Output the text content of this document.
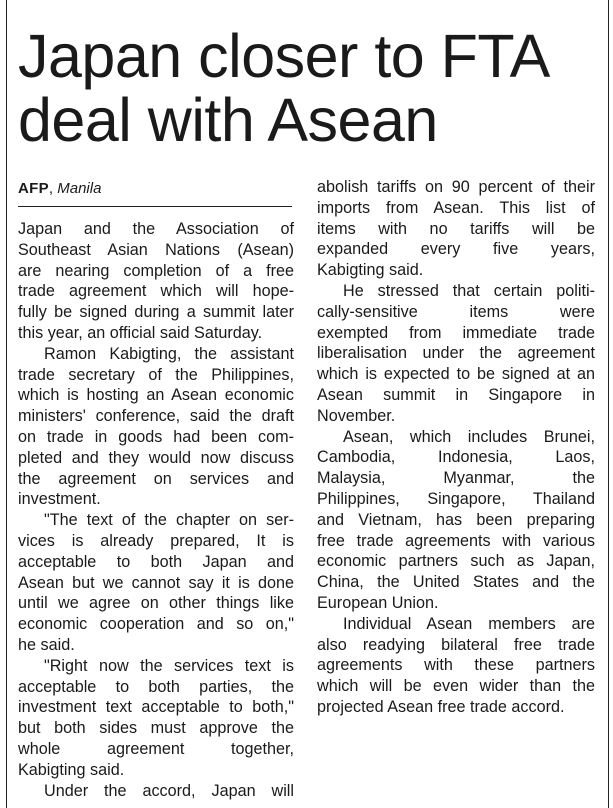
Japan closer to FTA
deal with Asean
AFP, Manila
Japan and the Association of
Southeast Asian Nations (Asean)
are nearing completion of a free
trade agreement which will hope-
fully be signed during a summit later
this year, an official said Saturday.
Ramon Kabigting, the assistant
trade secretary of the Philippines,
which is hosting an Asean economic
ministers' conference, said the draft
on trade in goods had been com-
pleted and they would now discuss
the agreement on services and
investment.
"The text of the chapter on ser-
vices is already prepared, It is
acceptable to both Japan and
Asean but we cannot say it is done
until we agree on other things like
economic cooperation and so on,"
he said.
"Right now the services text is
acceptable to both parties, the
investment text acceptable to both,"
but both sides must approve the
whole agreement together,
Kabigting said.
Under the accord, Japan will
abolish tariffs on 90 percent of their
imports from Asean. This list of
items with no tariffs will be
expanded every five years,
Kabigting said.
He stressed that certain politi-
cally-sensitive items were
exempted from immediate trade
liberalisation under the agreement
which is expected to be signed at an
Asean summit in Singapore in
November.
Asean, which includes Brunei,
Cambodia, Indonesia, Laos,
Malaysia, Myanmar, the
Philippines, Singapore, Thailand
and Vietnam, has been preparing
free trade agreements with various
economic partners such as Japan,
China, the United States and the
European Union.
Individual Asean members are
also readying bilateral free trade
agreements with these partners
which will be even wider than the
projected Asean free trade accord.
